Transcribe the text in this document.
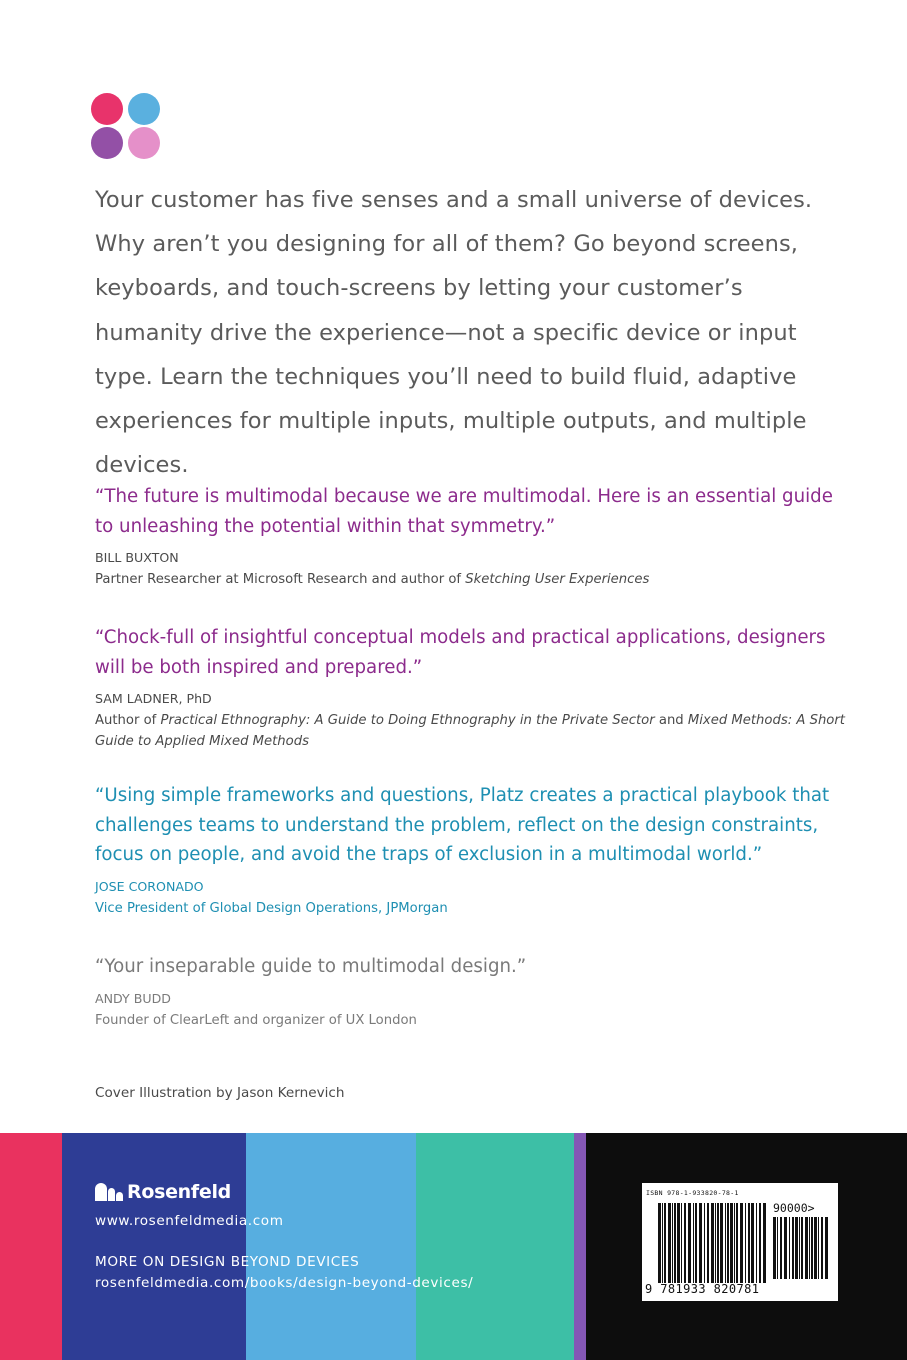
Your customer has five senses and a small universe of devices. Why aren’t you designing for all of them? Go beyond screens, keyboards, and touch-screens by letting your customer’s humanity drive the experience—not a specific device or input type. Learn the techniques you’ll need to build fluid, adaptive experiences for multiple inputs, multiple outputs, and multiple devices.

“The future is multimodal because we are multimodal. Here is an essential guide to unleashing the potential within that symmetry.”

BILL BUXTON

Partner Researcher at Microsoft Research and author of Sketching User Experiences

“Chock-full of insightful conceptual models and practical applications, designers will be both inspired and prepared.”

SAM LADNER, PhD

Author of Practical Ethnography: A Guide to Doing Ethnography in the Private Sector and Mixed Methods: A Short Guide to Applied Mixed Methods

“Using simple frameworks and questions, Platz creates a practical playbook that challenges teams to understand the problem, reflect on the design constraints, focus on people, and avoid the traps of exclusion in a multimodal world.”

JOSE CORONADO

Vice President of Global Design Operations, JPMorgan

“Your inseparable guide to multimodal design.”

ANDY BUDD

Founder of ClearLeft and organizer of UX London

Cover Illustration by Jason Kernevich

Rosenfeld

www.rosenfeldmedia.com

MORE ON DESIGN BEYOND DEVICES

rosenfeldmedia.com/books/design-beyond-devices/

ISBN 978-1-933820-78-1
90000>
9 781933 820781
